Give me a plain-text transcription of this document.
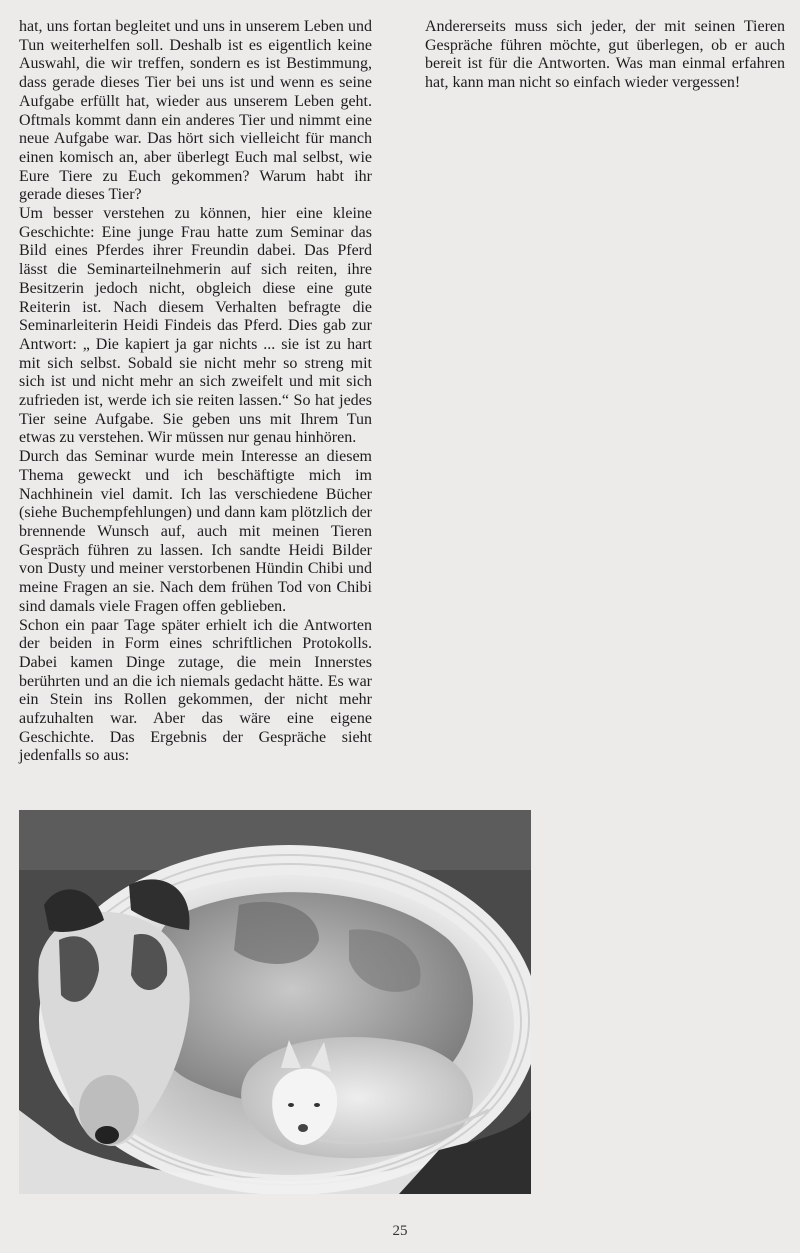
hat, uns fortan begleitet und uns in unserem Leben und Tun weiterhelfen soll. Deshalb ist es eigentlich keine Auswahl, die wir treffen, sondern es ist Bestimmung, dass gerade dieses Tier bei uns ist und wenn es seine Aufgabe erfüllt hat, wieder aus unserem Leben geht. Oftmals kommt dann ein anderes Tier und nimmt eine neue Aufgabe war. Das hört sich vielleicht für manch einen komisch an, aber überlegt Euch mal selbst, wie Eure Tiere zu Euch gekommen? Warum habt ihr gerade dieses Tier?

Um besser verstehen zu können, hier eine kleine Geschichte: Eine junge Frau hatte zum Seminar das Bild eines Pferdes ihrer Freundin dabei. Das Pferd lässt die Seminarteilnehmerin auf sich reiten, ihre Besitzerin jedoch nicht, obgleich diese eine gute Reiterin ist. Nach diesem Verhalten befragte die Seminarleiterin Heidi Findeis das Pferd. Dies gab zur Antwort: „ Die kapiert ja gar nichts ... sie ist zu hart mit sich selbst. Sobald sie nicht mehr so streng mit sich ist und nicht mehr an sich zweifelt und mit sich zufrieden ist, werde ich sie reiten lassen.“ So hat jedes Tier seine Aufgabe. Sie geben uns mit Ihrem Tun etwas zu verstehen. Wir müssen nur genau hinhören.

Durch das Seminar wurde mein Interesse an diesem Thema geweckt und ich beschäftigte mich im Nachhinein viel damit. Ich las verschiedene Bücher (siehe Buchempfehlungen) und dann kam plötzlich der brennende Wunsch auf, auch mit meinen Tieren Gespräch führen zu lassen. Ich sandte Heidi Bilder von Dusty und meiner verstorbenen Hündin Chibi und meine Fragen an sie. Nach dem frühen Tod von Chibi sind damals viele Fragen offen geblieben.

Schon ein paar Tage später erhielt ich die Antworten der beiden in Form eines schriftlichen Protokolls. Dabei kamen Dinge zutage, die mein Innerstes berührten und an die ich niemals gedacht hätte. Es war ein Stein ins Rollen gekommen, der nicht mehr aufzuhalten war. Aber das wäre eine eigene Geschichte. Das Ergebnis der Gespräche sieht jedenfalls so aus:

Andererseits muss sich jeder, der mit seinen Tieren Gespräche führen möchte, gut überlegen, ob er auch bereit ist für die Antworten. Was man einmal erfahren hat, kann man nicht so einfach wieder vergessen!

25
